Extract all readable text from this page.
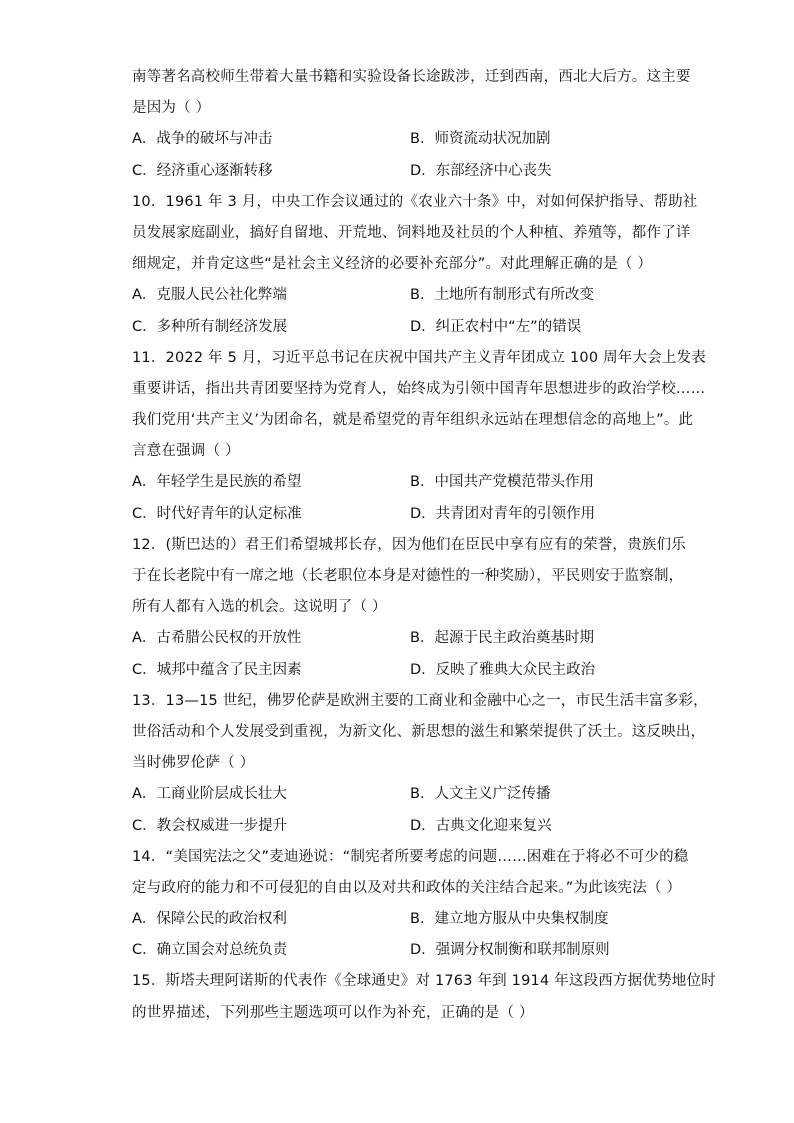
南等著名高校师生带着大量书籍和实验设备长途跋涉，迁到西南，西北大后方。这主要
是因为（ ）
A．战争的破坏与冲击	B．师资流动状况加剧
C．经济重心逐渐转移	D．东部经济中心丧失
10．1961 年 3 月，中央工作会议通过的《农业六十条》中，对如何保护指导、帮助社
员发展家庭副业，搞好自留地、开荒地、饲料地及社员的个人种植、养殖等，都作了详
细规定，并肯定这些“是社会主义经济的必要补充部分”。对此理解正确的是（ ）
A．克服人民公社化弊端	B．土地所有制形式有所改变
C．多种所有制经济发展	D．纠正农村中“左”的错误
11．2022 年 5 月，习近平总书记在庆祝中国共产主义青年团成立 100 周年大会上发表
重要讲话，指出共青团要坚持为党育人，始终成为引领中国青年思想进步的政治学校……
我们党用‘共产主义’为团命名，就是希望党的青年组织永远站在理想信念的高地上”。此
言意在强调（ ）
A．年轻学生是民族的希望	B．中国共产党模范带头作用
C．时代好青年的认定标准	D．共青团对青年的引领作用
12．(斯巴达的）君王们希望城邦长存，因为他们在臣民中享有应有的荣誉，贵族们乐
于在长老院中有一席之地（长老职位本身是对德性的一种奖励），平民则安于监察制，
所有人都有入选的机会。这说明了（ ）
A．古希腊公民权的开放性	B．起源于民主政治奠基时期
C．城邦中蕴含了民主因素	D．反映了雅典大众民主政治
13．13—15 世纪，佛罗伦萨是欧洲主要的工商业和金融中心之一，市民生活丰富多彩，
世俗活动和个人发展受到重视，为新文化、新思想的滋生和繁荣提供了沃土。这反映出，
当时佛罗伦萨（ ）
A．工商业阶层成长壮大	B．人文主义广泛传播
C．教会权威进一步提升	D．古典文化迎来复兴
14．“美国宪法之父”麦迪逊说：“制宪者所要考虑的问题……困难在于将必不可少的稳
定与政府的能力和不可侵犯的自由以及对共和政体的关注结合起来。”为此该宪法（ ）
A．保障公民的政治权利	B．建立地方服从中央集权制度
C．确立国会对总统负责	D．强调分权制衡和联邦制原则
15．斯塔夫理阿诺斯的代表作《全球通史》对 1763 年到 1914 年这段西方据优势地位时
的世界描述，下列那些主题选项可以作为补充，正确的是（ ）
